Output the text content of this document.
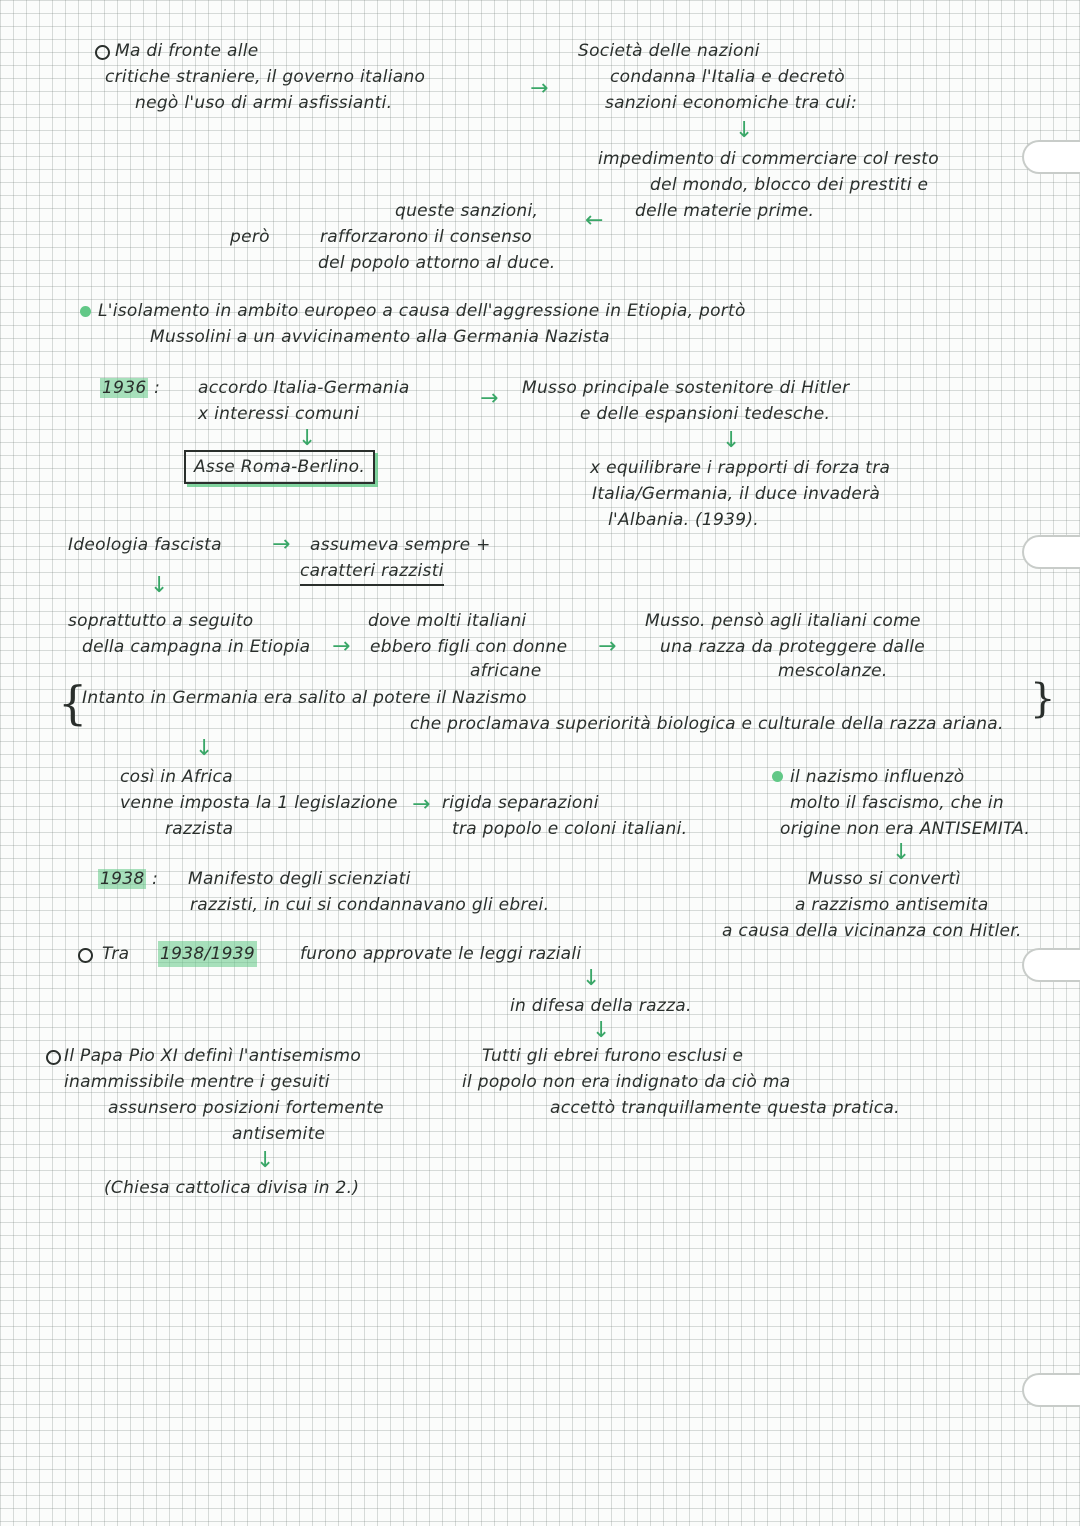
Ma di fronte alle
critiche straniere, il governo italiano
negò l'uso di armi asfissianti.
→
Società delle nazioni
condanna l'Italia e decretò
sanzioni economiche tra cui:
↓
impedimento di commerciare col resto
del mondo, blocco dei prestiti e
delle materie prime.
←
queste sanzioni,
però	rafforzarono il consenso
del popolo attorno al duce.
L'isolamento in ambito europeo a causa dell'aggressione in Etiopia, portò
Mussolini a un avvicinamento alla Germania Nazista
1936 : accordo Italia-Germania
x interessi comuni
→
↓
Asse Roma-Berlino.
Musso principale sostenitore di Hitler
e delle espansioni tedesche.
↓
x equilibrare i rapporti di forza tra
Italia/Germania, il duce invaderà
l'Albania. (1939).
Ideologia fascista → assumeva sempre +
caratteri razzisti
↓
soprattutto a seguito
della campagna in Etiopia →
dove molti italiani
ebbero figli con donne
africane
→
Musso. pensò agli italiani come
una razza da proteggere dalle
mescolanze.
{
Intanto in Germania era salito al potere il Nazismo
che proclamava superiorità biologica e culturale della razza ariana.
}
↓
così in Africa
venne imposta la 1 legislazione
razzista
→ rigida separazioni
tra popolo e coloni italiani.
il nazismo influenzò
molto il fascismo, che in
origine non era ANTISEMITA.
↓
1938 : Manifesto degli scienziati
razzisti, in cui si condannavano gli ebrei.
Musso si convertì
a razzismo antisemita
a causa della vicinanza con Hitler.
Tra 1938/1939	furono approvate le leggi raziali
↓
in difesa della razza.
↓
Il Papa Pio XI definì l'antisemismo
inammissibile mentre i gesuiti
assunsero posizioni fortemente
antisemite
↓
(Chiesa cattolica divisa in 2.)
Tutti gli ebrei furono esclusi e
il popolo non era indignato da ciò ma
accettò tranquillamente questa pratica.
